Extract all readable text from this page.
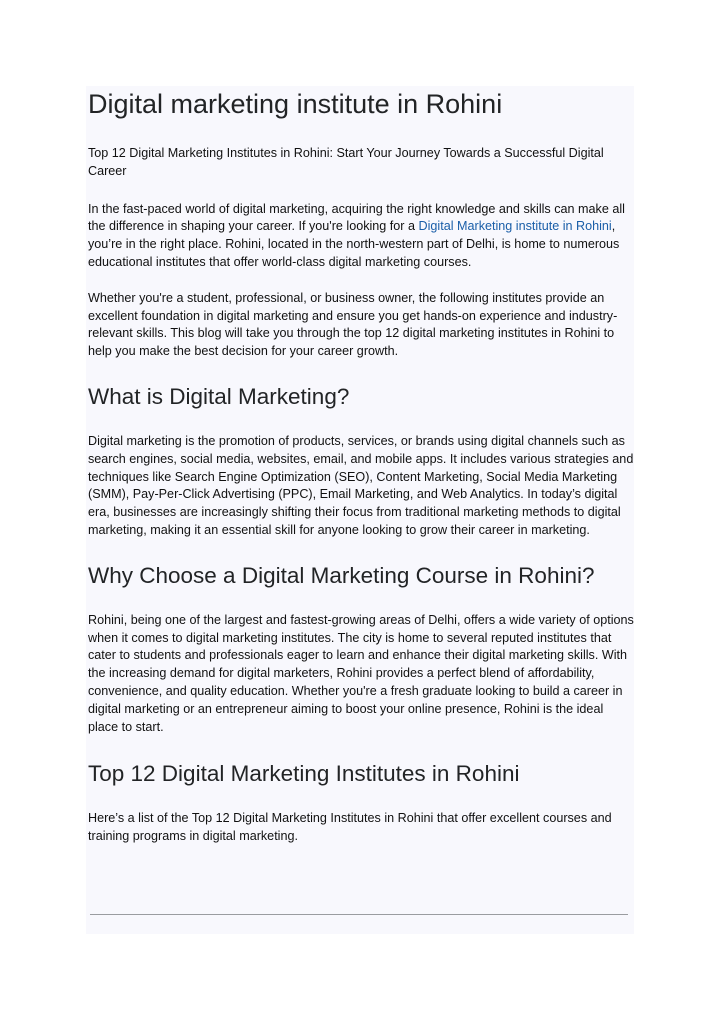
Digital marketing institute in Rohini

Top 12 Digital Marketing Institutes in Rohini: Start Your Journey Towards a Successful Digital Career

In the fast-paced world of digital marketing, acquiring the right knowledge and skills can make all the difference in shaping your career. If you're looking for a Digital Marketing institute in Rohini, you’re in the right place. Rohini, located in the north-western part of Delhi, is home to numerous educational institutes that offer world-class digital marketing courses.

Whether you're a student, professional, or business owner, the following institutes provide an excellent foundation in digital marketing and ensure you get hands-on experience and industry-relevant skills. This blog will take you through the top 12 digital marketing institutes in Rohini to help you make the best decision for your career growth.

What is Digital Marketing?

Digital marketing is the promotion of products, services, or brands using digital channels such as search engines, social media, websites, email, and mobile apps. It includes various strategies and techniques like Search Engine Optimization (SEO), Content Marketing, Social Media Marketing (SMM), Pay-Per-Click Advertising (PPC), Email Marketing, and Web Analytics. In today’s digital era, businesses are increasingly shifting their focus from traditional marketing methods to digital marketing, making it an essential skill for anyone looking to grow their career in marketing.

Why Choose a Digital Marketing Course in Rohini?

Rohini, being one of the largest and fastest-growing areas of Delhi, offers a wide variety of options when it comes to digital marketing institutes. The city is home to several reputed institutes that cater to students and professionals eager to learn and enhance their digital marketing skills. With the increasing demand for digital marketers, Rohini provides a perfect blend of affordability, convenience, and quality education. Whether you're a fresh graduate looking to build a career in digital marketing or an entrepreneur aiming to boost your online presence, Rohini is the ideal place to start.

Top 12 Digital Marketing Institutes in Rohini

Here’s a list of the Top 12 Digital Marketing Institutes in Rohini that offer excellent courses and training programs in digital marketing.
